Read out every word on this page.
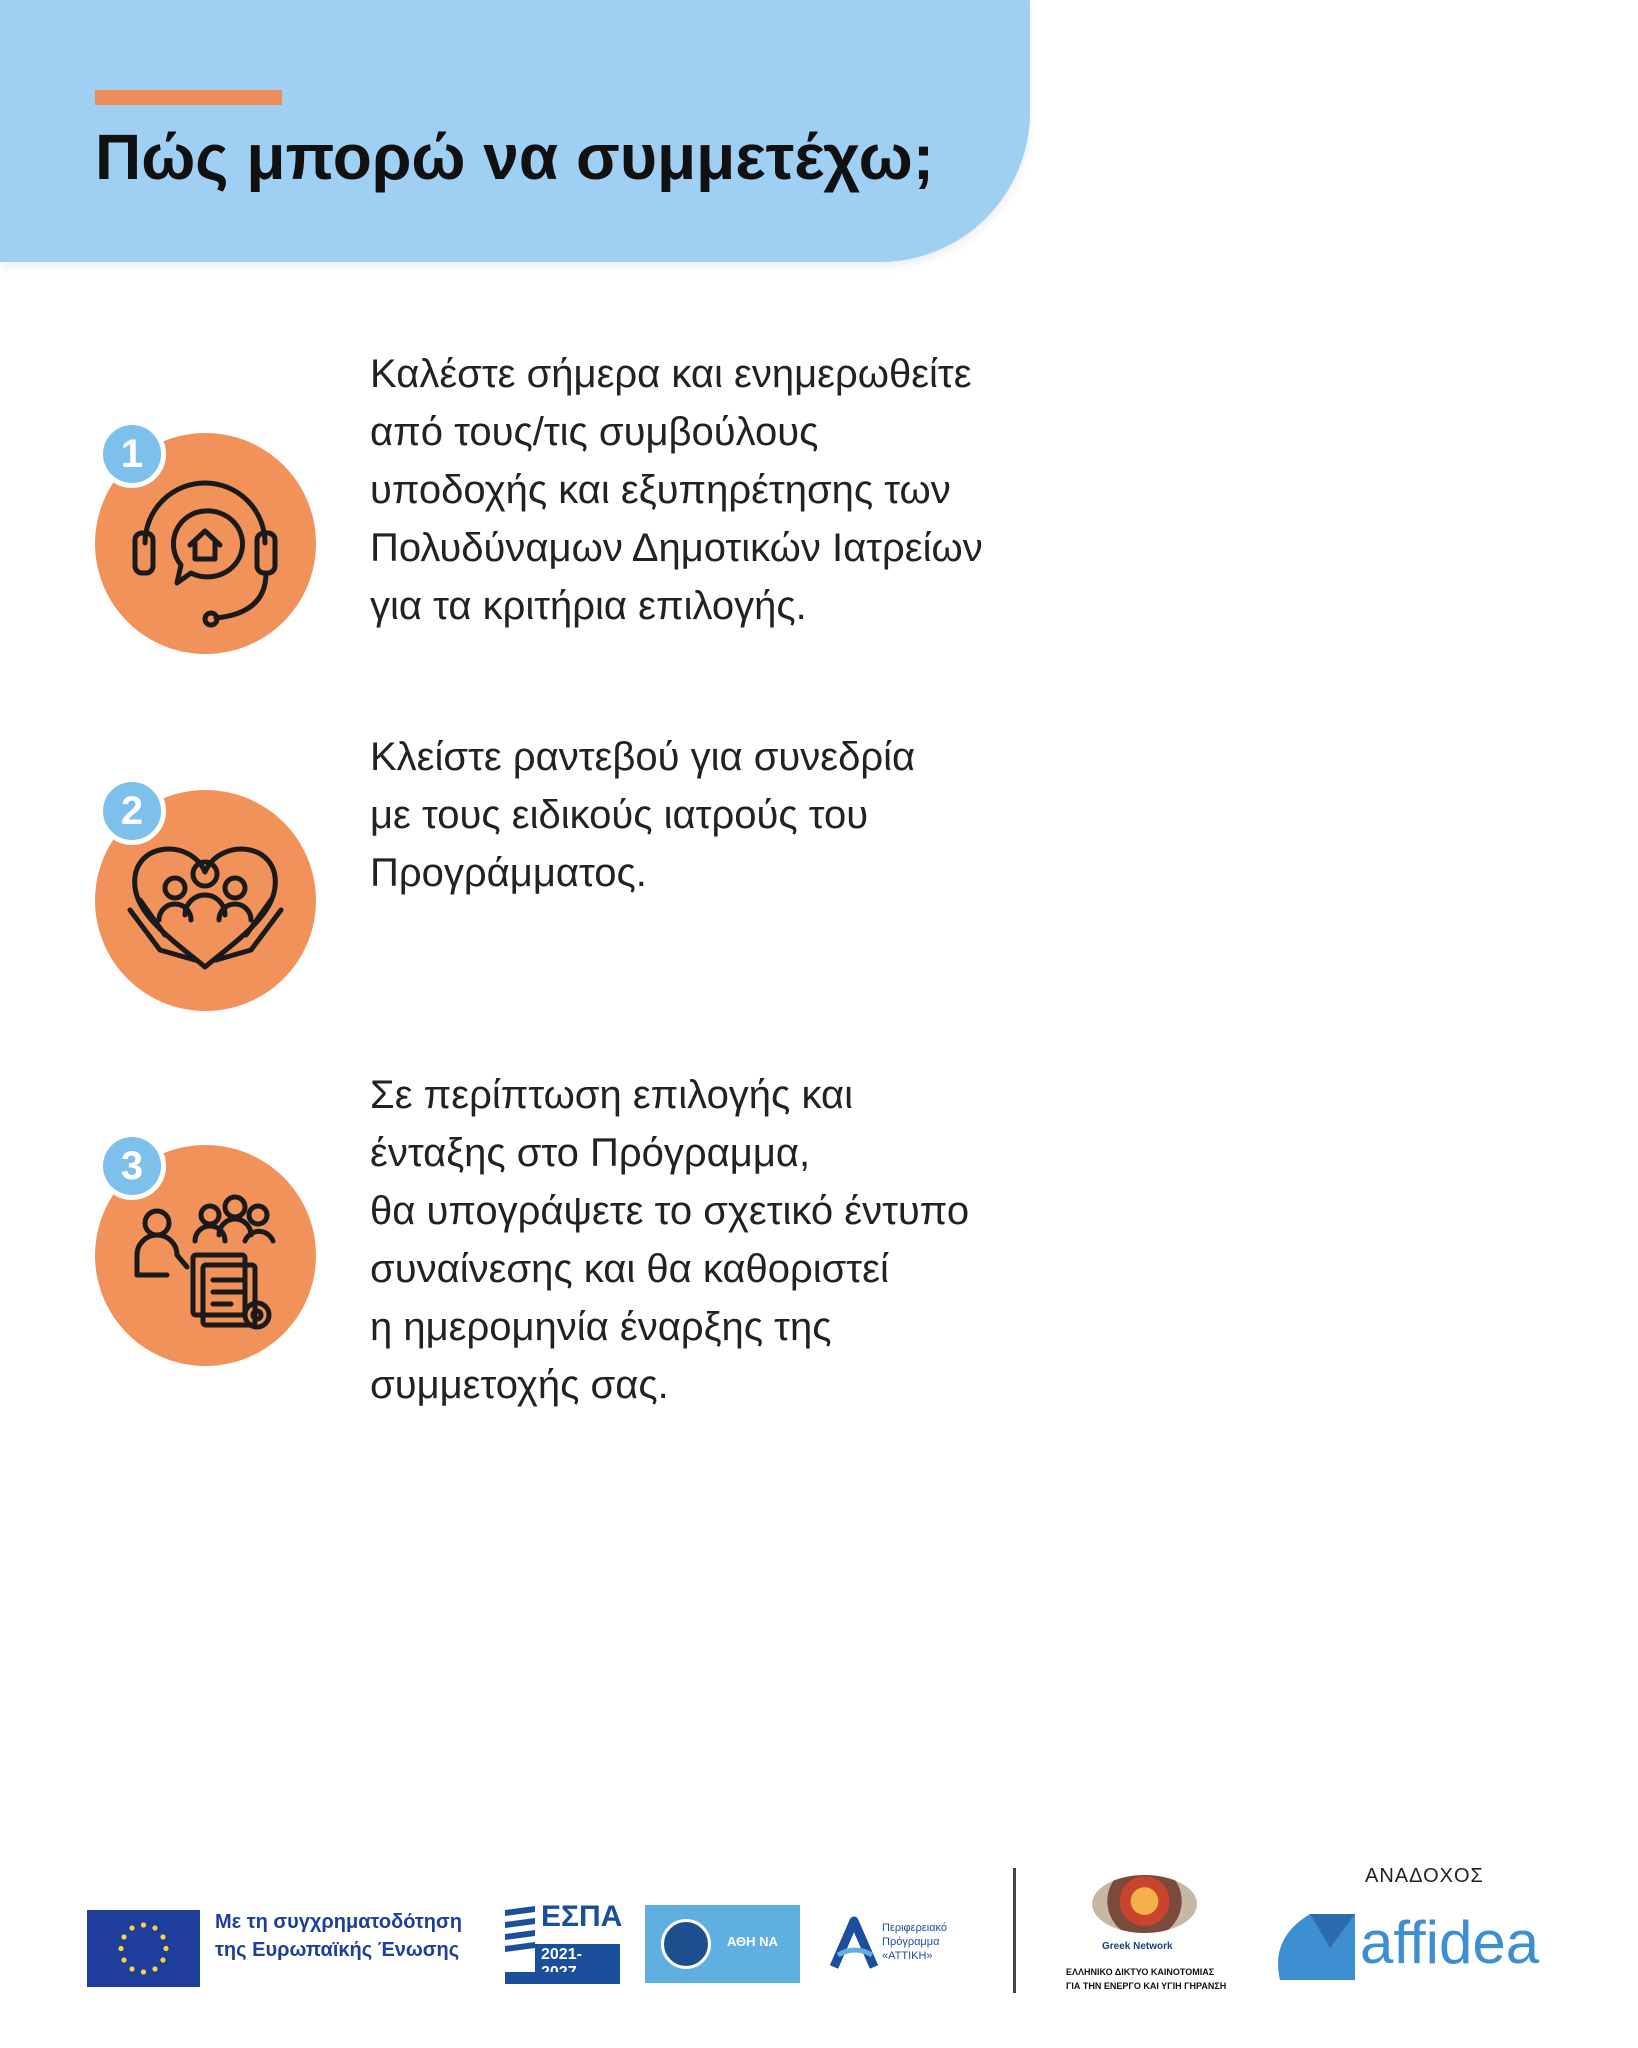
Πώς μπορώ να συμμετέχω;
1
Καλέστε σήμερα και ενημερωθείτε
από τους/τις συμβούλους
υποδοχής και εξυπηρέτησης των
Πολυδύναμων Δημοτικών Ιατρείων
για τα κριτήρια επιλογής.
2
Κλείστε ραντεβού για συνεδρία
με τους ειδικούς ιατρούς του
Προγράμματος.
3
Σε περίπτωση επιλογής και
ένταξης στο Πρόγραμμα,
θα υπογράψετε το σχετικό έντυπο
συναίνεσης και θα καθοριστεί
η ημερομηνία έναρξης της
συμμετοχής σας.
Με τη συγχρηματοδότηση
της Ευρωπαϊκής Ένωσης
ΕΣΠΑ
2021-
ΑΘΗ ΝΑ
Περιφερειακό
Πρόγραμμα
«ΑΤΤΙΚΗ»
Greek Network
ΕΛΛΗΝΙΚΟ ΔΙΚΤΥΟ ΚΑΙΝΟΤΟΜΙΑΣ
ΓΙΑ ΤΗΝ ΕΝΕΡΓΟ ΚΑΙ ΥΓΙΗ ΓΗΡΑΝΣΗ
ΑΝΑΔΟΧΟΣ
affidea
